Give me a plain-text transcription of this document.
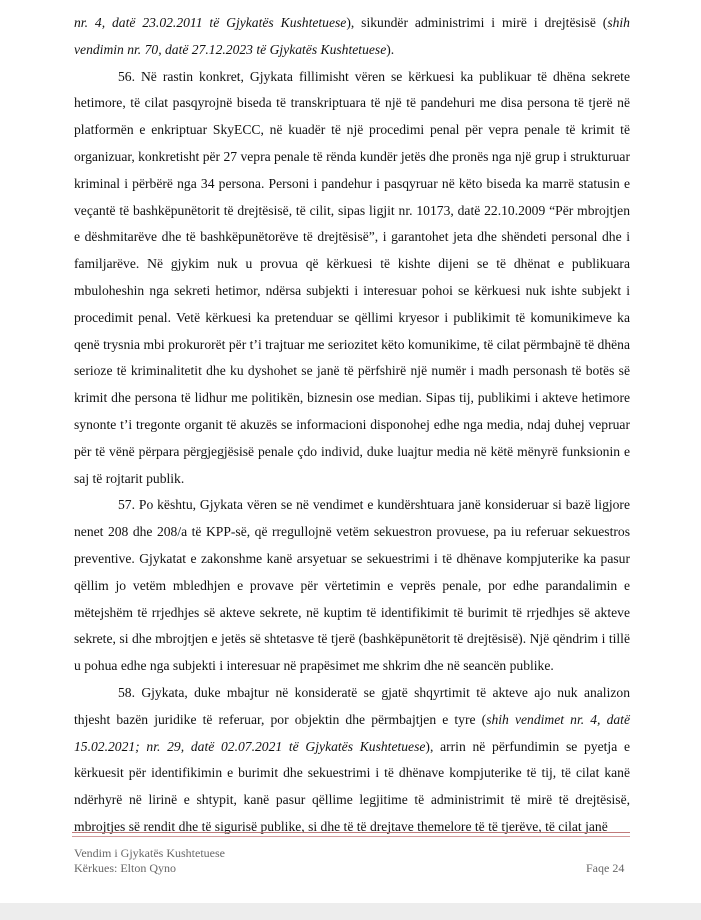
nr. 4, datë 23.02.2011 të Gjykatës Kushtetuese), sikundër administrimi i mirë i drejtësisë (shih vendimin nr. 70, datë 27.12.2023 të Gjykatës Kushtetuese).

56. Në rastin konkret, Gjykata fillimisht vëren se kërkuesi ka publikuar të dhëna sekrete hetimore, të cilat pasqyrojnë biseda të transkriptuara të një të pandehuri me disa persona të tjerë në platformën e enkriptuar SkyECC, në kuadër të një procedimi penal për vepra penale të krimit të organizuar, konkretisht për 27 vepra penale të rënda kundër jetës dhe pronës nga një grup i strukturuar kriminal i përbërë nga 34 persona. Personi i pandehur i pasqyruar në këto biseda ka marrë statusin e veçantë të bashkëpunëtorit të drejtësisë, të cilit, sipas ligjit nr. 10173, datë 22.10.2009 “Për mbrojtjen e dëshmitarëve dhe të bashkëpunëtorëve të drejtësisë”, i garantohet jeta dhe shëndeti personal dhe i familjarëve. Në gjykim nuk u provua që kërkuesi të kishte dijeni se të dhënat e publikuara mbuloheshin nga sekreti hetimor, ndërsa subjekti i interesuar pohoi se kërkuesi nuk ishte subjekt i procedimit penal. Vetë kërkuesi ka pretenduar se qëllimi kryesor i publikimit të komunikimeve ka qenë trysnia mbi prokurorët për t’i trajtuar me seriozitet këto komunikime, të cilat përmbajnë të dhëna serioze të kriminalitetit dhe ku dyshohet se janë të përfshirë një numër i madh personash të botës së krimit dhe persona të lidhur me politikën, biznesin ose median. Sipas tij, publikimi i akteve hetimore synonte t’i tregonte organit të akuzës se informacioni disponohej edhe nga media, ndaj duhej vepruar për të vënë përpara përgjegjësisë penale çdo individ, duke luajtur media në këtë mënyrë funksionin e saj të rojtarit publik.

57. Po kështu, Gjykata vëren se në vendimet e kundërshtuara janë konsideruar si bazë ligjore nenet 208 dhe 208/a të KPP-së, që rregullojnë vetëm sekuestron provuese, pa iu referuar sekuestros preventive. Gjykatat e zakonshme kanë arsyetuar se sekuestrimi i të dhënave kompjuterike ka pasur qëllim jo vetëm mbledhjen e provave për vërtetimin e veprës penale, por edhe parandalimin e mëtejshëm të rrjedhjes së akteve sekrete, në kuptim të identifikimit të burimit të rrjedhjes së akteve sekrete, si dhe mbrojtjen e jetës së shtetasve të tjerë (bashkëpunëtorit të drejtësisë). Një qëndrim i tillë u pohua edhe nga subjekti i interesuar në prapësimet me shkrim dhe në seancën publike.

58. Gjykata, duke mbajtur në konsideratë se gjatë shqyrtimit të akteve ajo nuk analizon thjesht bazën juridike të referuar, por objektin dhe përmbajtjen e tyre (shih vendimet nr. 4, datë 15.02.2021; nr. 29, datë 02.07.2021 të Gjykatës Kushtetuese), arrin në përfundimin se pyetja e kërkuesit për identifikimin e burimit dhe sekuestrimi i të dhënave kompjuterike të tij, të cilat kanë ndërhyrë në lirinë e shtypit, kanë pasur qëllime legjitime të administrimit të mirë të drejtësisë, mbrojtjes së rendit dhe të sigurisë publike, si dhe të të drejtave themelore të të tjerëve, të cilat janë

Vendim i Gjykatës Kushtetuese
Kërkues: Elton Qyno	Faqe 24
